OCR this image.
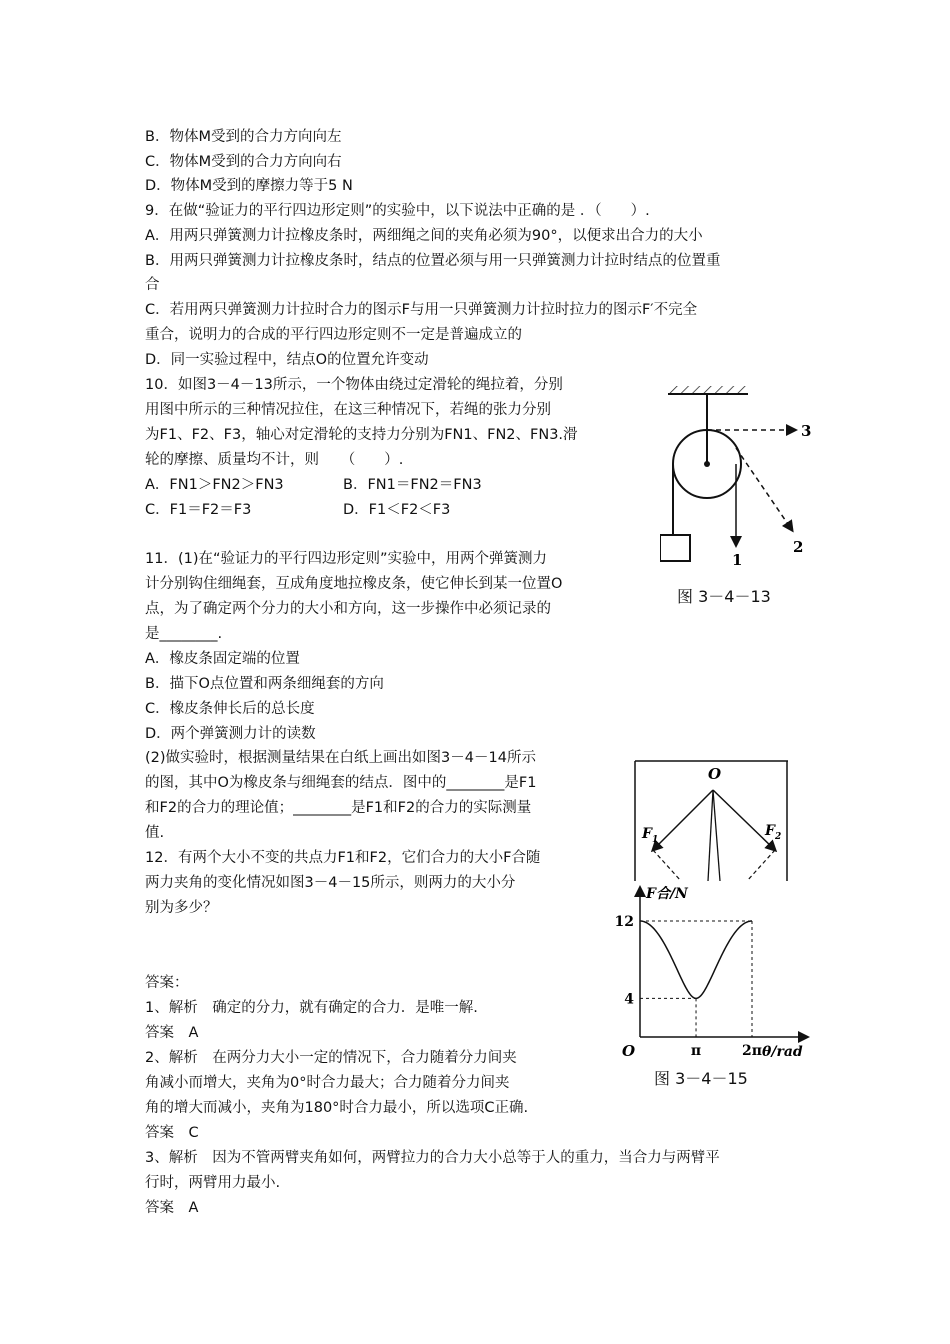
B．物体M受到的合力方向向左
C．物体M受到的合力方向向右
D．物体M受到的摩擦力等于5 N
9．在做“验证力的平行四边形定则”的实验中，以下说法中正确的是 ．（　　）.
A．用两只弹簧测力计拉橡皮条时，两细绳之间的夹角必须为90°，以便求出合力的大小
B．用两只弹簧测力计拉橡皮条时，结点的位置必须与用一只弹簧测力计拉时结点的位置重
合
C．若用两只弹簧测力计拉时合力的图示F与用一只弹簧测力计拉时拉力的图示F′不完全
重合，说明力的合成的平行四边形定则不一定是普遍成立的
D．同一实验过程中，结点O的位置允许变动
10．如图3－4－13所示，一个物体由绕过定滑轮的绳拉着，分别
用图中所示的三种情况拉住，在这三种情况下，若绳的张力分别
为F1、F2、F3，轴心对定滑轮的支持力分别为FN1、FN2、FN3.滑
轮的摩擦、质量均不计，则　　（　　）.
A．FN1＞FN2＞FN3	B．FN1＝FN2＝FN3
C．F1＝F2＝F3	D．F1＜F2＜F3
3
2
1
图 3－4－13
11．(1)在“验证力的平行四边形定则”实验中，用两个弹簧测力
计分别钩住细绳套，互成角度地拉橡皮条，使它伸长到某一位置O
点，为了确定两个分力的大小和方向，这一步操作中必须记录的
是________.
A．橡皮条固定端的位置
B．描下O点位置和两条细绳套的方向
C．橡皮条伸长后的总长度
D．两个弹簧测力计的读数
(2)做实验时，根据测量结果在白纸上画出如图3－4－14所示
的图，其中O为橡皮条与细绳套的结点．图中的________是F1
和F2的合力的理论值；________是F1和F2的合力的实际测量
值.
O
$F_1$
$F_2$
12．有两个大小不变的共点力F1和F2，它们合力的大小F合随
两力夹角的变化情况如图3－4－15所示，则两力的大小分
别为多少？
F合/N
θ/rad
O
12
4
π	2π
图 3－4－15
答案：
1、解析　确定的分力，就有确定的合力．是唯一解.
答案　A
2、解析　在两分力大小一定的情况下，合力随着分力间夹
角减小而增大，夹角为0°时合力最大；合力随着分力间夹
角的增大而减小，夹角为180°时合力最小，所以选项C正确.
答案　C
3、解析　因为不管两臂夹角如何，两臂拉力的合力大小总等于人的重力，当合力与两臂平
行时，两臂用力最小.
答案　A
